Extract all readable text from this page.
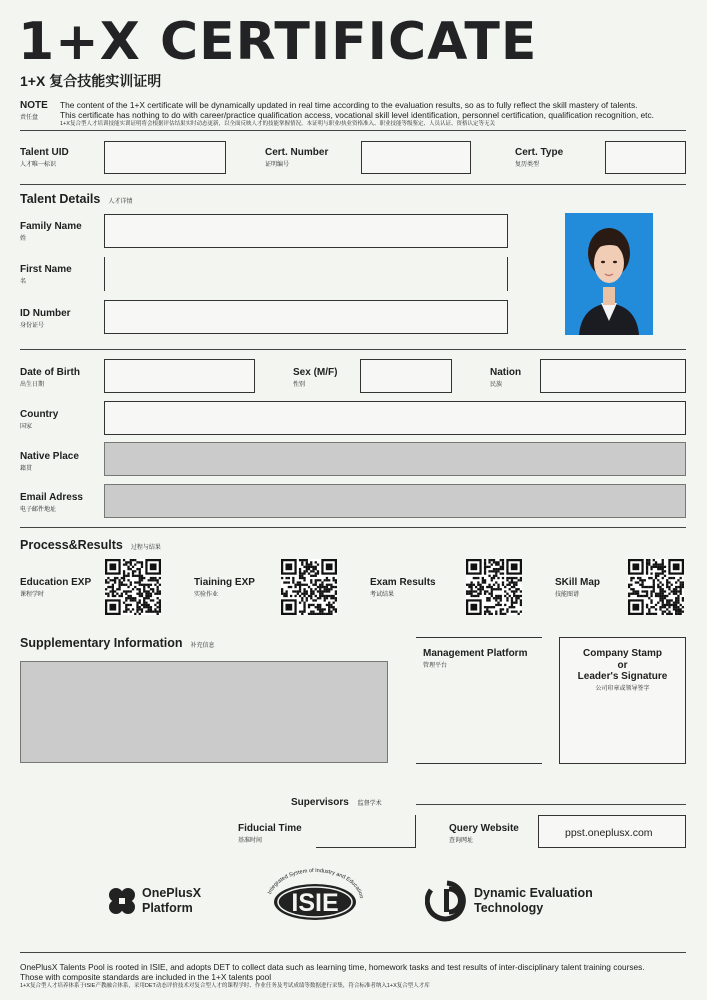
1+X CERTIFICATE
1+X 复合技能实训证明
NOTE
责任盘
The content of the 1+X certificate will be dynamically updated in real time according to the evaluation results, so as to fully reflect the skill mastery of talents.
This certificate has nothing to do with career/practice qualification access, vocational skill level identification, personnel certification, qualification recognition, etc.
1+X复合型人才培训技能实训证明将会根据评估结果实时动态更新，以全面反映人才的技能掌握情况。本证明与职业/执业资格准入、职业技能等级鉴定、人员认证、资格认定等无关
Talent UID
人才唯一标识
Cert. Number
证明编号
Cert. Type
复历类型
Talent Details 人才详情
Family Name
姓
First Name
名
ID Number
身份证号
Date of Birth
出生日期
Sex (M/F)
性别
Nation
民族
Country
国家
Native Place
籍贯
Email Adress
电子邮件地址
Process&Results 过程与结果
Education EXP
课程学时
Tiaining EXP
实验作业
Exam Results
考试结果
SKill Map
技能图谱
Supplementary Information 补充信息
Management Platform
管理平台
Company Stamp
or
Leader's Signature
公司印章或领导签字
Supervisors 监督学术
Fiducial Time
基准时间
Query Website
查询网址
ppst.oneplusx.com
OnePlusX
Platform
Integrated System of Industry and Education
ISIE	Dynamic Evaluation
Technology
OnePlusX Talents Pool is rooted in ISIE, and adopts DET to collect data such as learning time, homework tasks and test results of inter-disciplinary talent training courses.
Those with composite standards are included in the 1+X talents pool
1+X复合型人才培养体系于ISIE产教融合体系，采用DET动态评价技术对复合型人才的课程学时、作业任务及考试成绩等数据进行采集，符合标准者纳入1+X复合型人才库
